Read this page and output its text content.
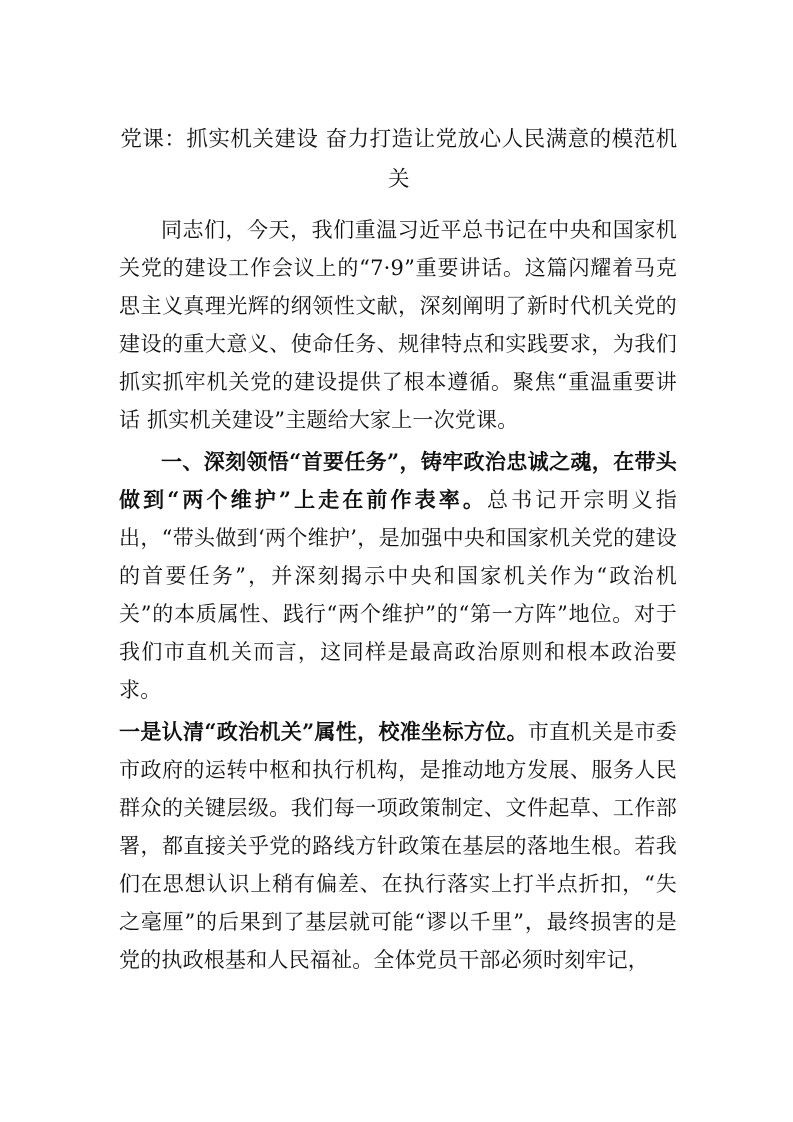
党课：抓实机关建设 奋力打造让党放心人民满意的模范机关

同志们，今天，我们重温习近平总书记在中央和国家机关党的建设工作会议上的“7·9”重要讲话。这篇闪耀着马克思主义真理光辉的纲领性文献，深刻阐明了新时代机关党的建设的重大意义、使命任务、规律特点和实践要求，为我们抓实抓牢机关党的建设提供了根本遵循。聚焦“重温重要讲话 抓实机关建设”主题给大家上一次党课。

一、深刻领悟“首要任务”，铸牢政治忠诚之魂，在带头做到“两个维护”上走在前作表率。总书记开宗明义指出，“带头做到‘两个维护’，是加强中央和国家机关党的建设的首要任务”，并深刻揭示中央和国家机关作为“政治机关”的本质属性、践行“两个维护”的“第一方阵”地位。对于我们市直机关而言，这同样是最高政治原则和根本政治要求。

一是认清“政治机关”属性，校准坐标方位。市直机关是市委市政府的运转中枢和执行机构，是推动地方发展、服务人民群众的关键层级。我们每一项政策制定、文件起草、工作部署，都直接关乎党的路线方针政策在基层的落地生根。若我们在思想认识上稍有偏差、在执行落实上打半点折扣，“失之毫厘”的后果到了基层就可能“谬以千里”，最终损害的是党的执政根基和人民福祉。全体党员干部必须时刻牢记，
